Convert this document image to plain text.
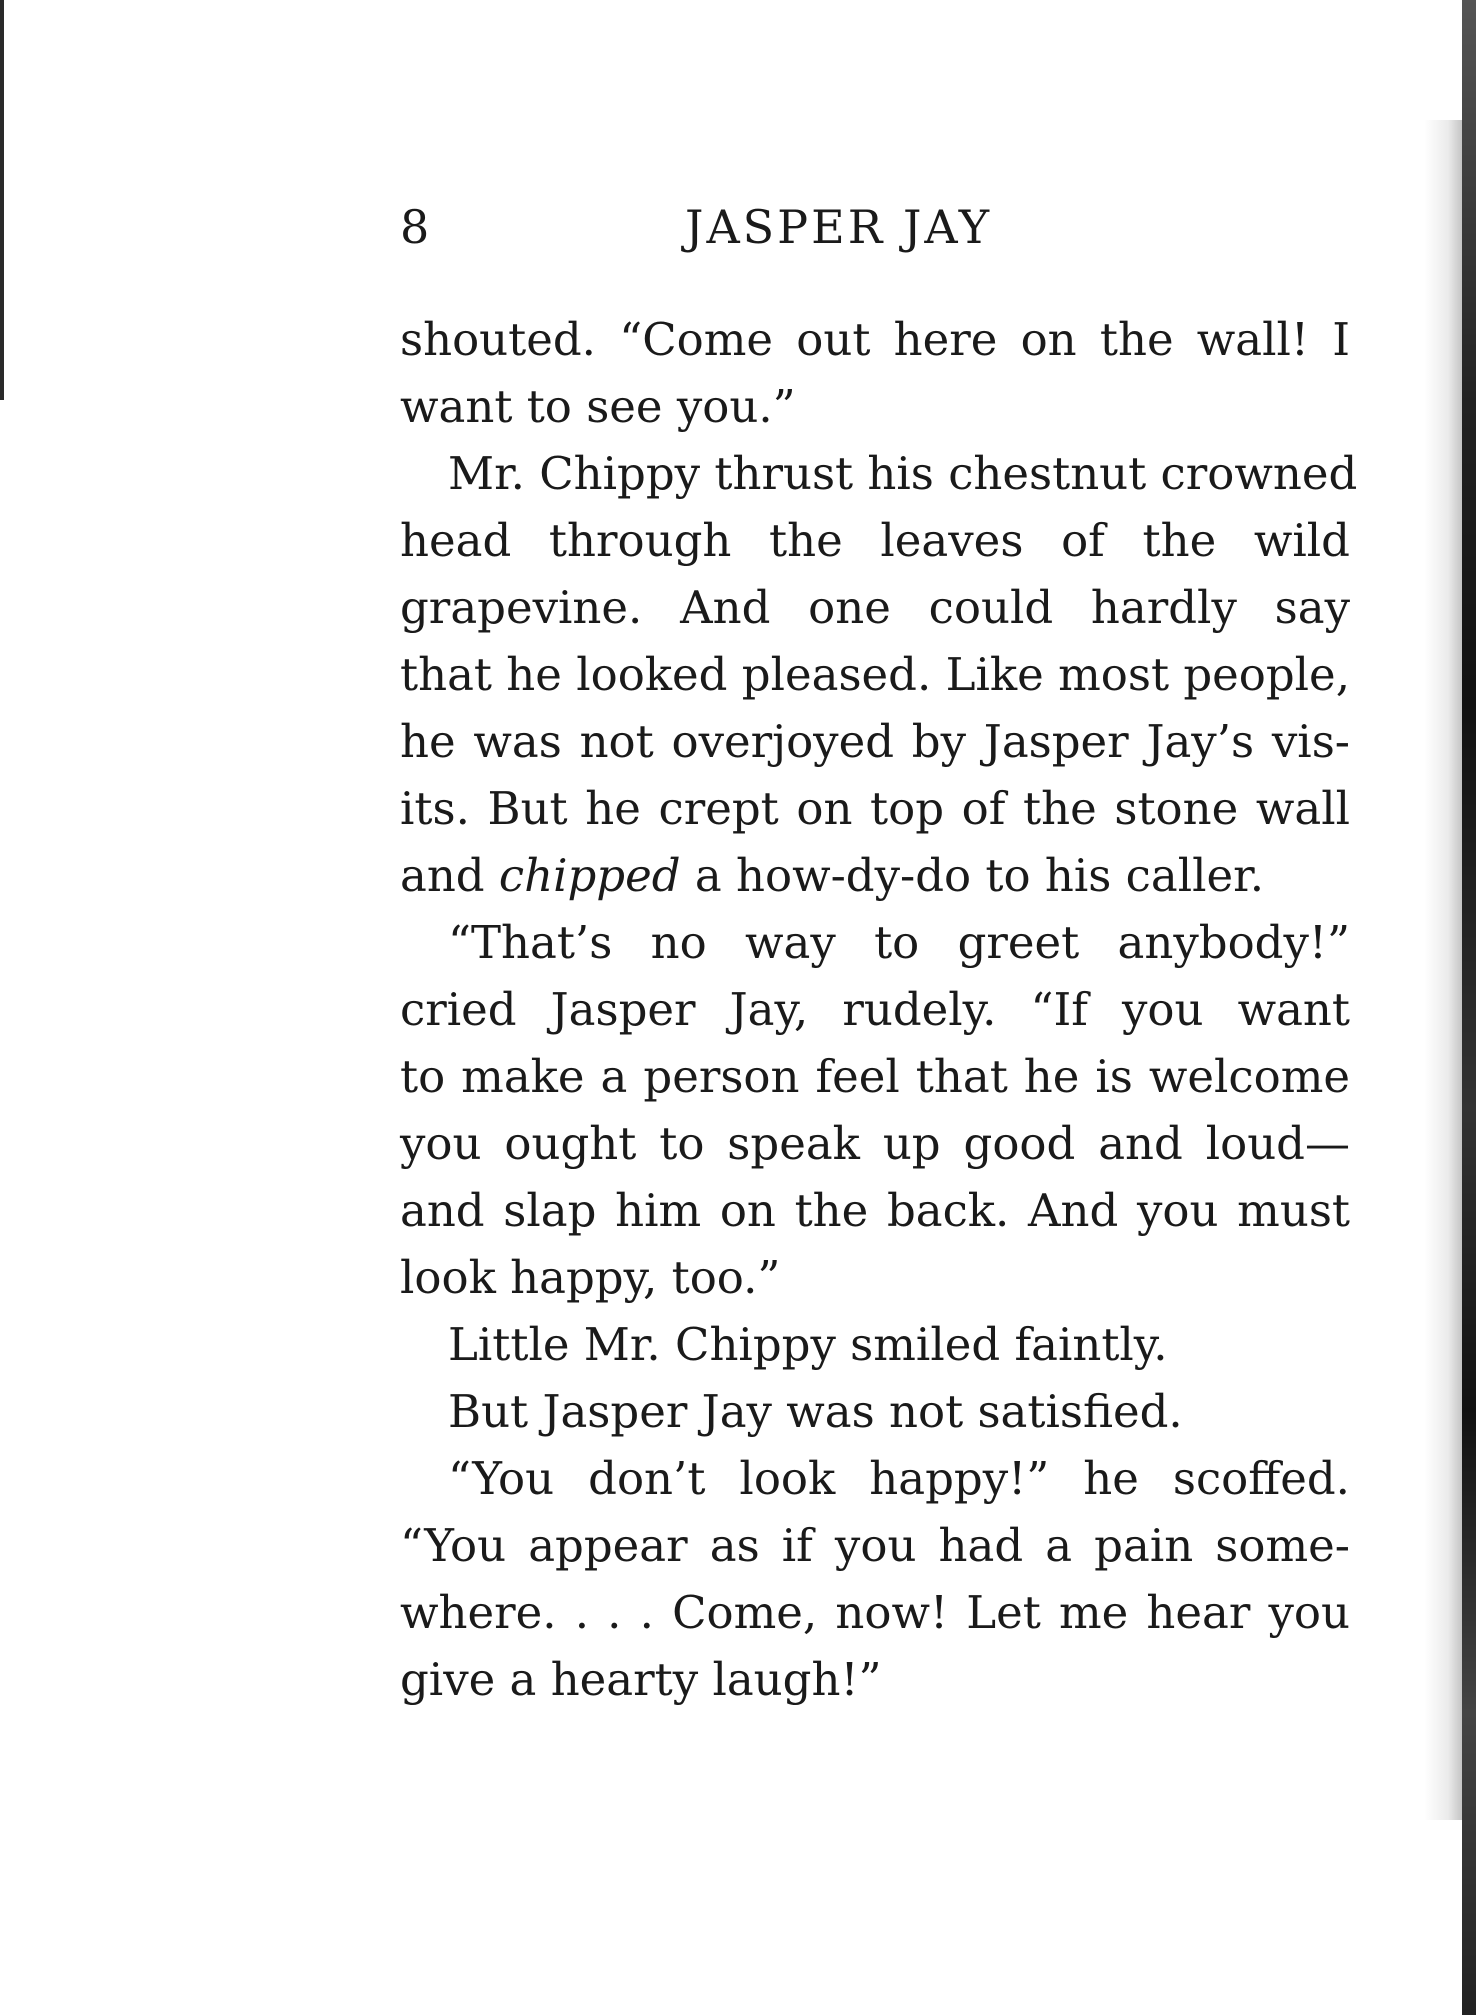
8	JASPER JAY
shouted. “Come out here on the wall! I
want to see you.”
Mr. Chippy thrust his chestnut crowned
head through the leaves of the wild
grapevine. And one could hardly say
that he looked pleased. Like most people,
he was not overjoyed by Jasper Jay’s vis-
its. But he crept on top of the stone wall
and chipped a how-dy-do to his caller.
“That’s no way to greet anybody!”
cried Jasper Jay, rudely. “If you want
to make a person feel that he is welcome
you ought to speak up good and loud—
and slap him on the back. And you must
look happy, too.”
Little Mr. Chippy smiled faintly.
But Jasper Jay was not satisfied.
“You don’t look happy!” he scoffed.
“You appear as if you had a pain some-
where. . . . Come, now! Let me hear you
give a hearty laugh!”
